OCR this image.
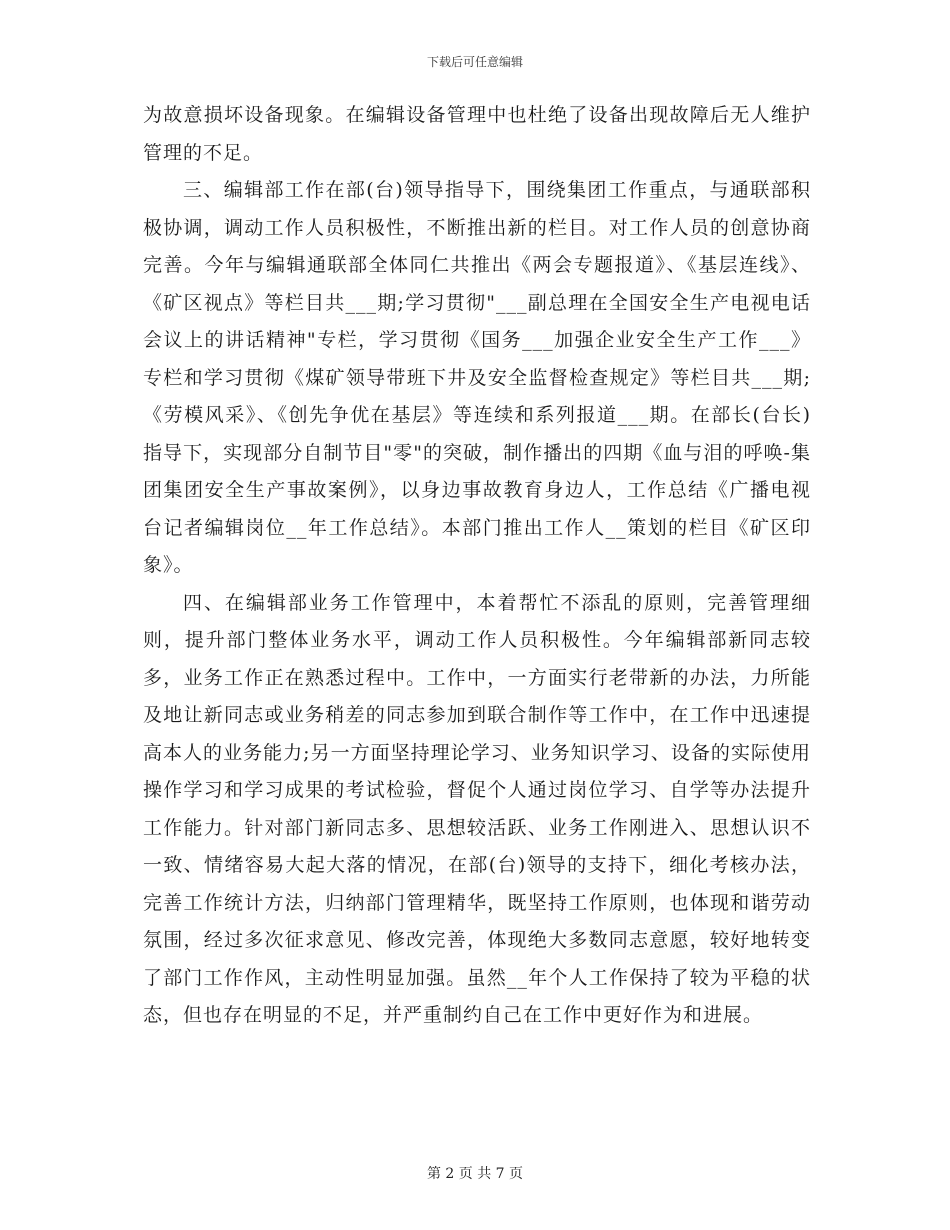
下载后可任意编辑

为故意损坏设备现象。在编辑设备管理中也杜绝了设备出现故障后无人维护管理的不足。

三、编辑部工作在部(台)领导指导下，围绕集团工作重点，与通联部积极协调，调动工作人员积极性，不断推出新的栏目。对工作人员的创意协商完善。今年与编辑通联部全体同仁共推出《两会专题报道》、《基层连线》、《矿区视点》等栏目共___期;学习贯彻"___副总理在全国安全生产电视电话会议上的讲话精神"专栏，学习贯彻《国务___加强企业安全生产工作___》专栏和学习贯彻《煤矿领导带班下井及安全监督检查规定》等栏目共___期;《劳模风采》、《创先争优在基层》等连续和系列报道___期。在部长(台长)指导下，实现部分自制节目"零"的突破，制作播出的四期《血与泪的呼唤-集团集团安全生产事故案例》，以身边事故教育身边人，工作总结《广播电视台记者编辑岗位__年工作总结》。本部门推出工作人__策划的栏目《矿区印象》。

四、在编辑部业务工作管理中，本着帮忙不添乱的原则，完善管理细则，提升部门整体业务水平，调动工作人员积极性。今年编辑部新同志较多，业务工作正在熟悉过程中。工作中，一方面实行老带新的办法，力所能及地让新同志或业务稍差的同志参加到联合制作等工作中，在工作中迅速提高本人的业务能力;另一方面坚持理论学习、业务知识学习、设备的实际使用操作学习和学习成果的考试检验，督促个人通过岗位学习、自学等办法提升工作能力。针对部门新同志多、思想较活跃、业务工作刚进入、思想认识不一致、情绪容易大起大落的情况，在部(台)领导的支持下，细化考核办法，完善工作统计方法，归纳部门管理精华，既坚持工作原则，也体现和谐劳动氛围，经过多次征求意见、修改完善，体现绝大多数同志意愿，较好地转变了部门工作作风，主动性明显加强。虽然__年个人工作保持了较为平稳的状态，但也存在明显的不足，并严重制约自己在工作中更好作为和进展。

第 2 页 共 7 页
